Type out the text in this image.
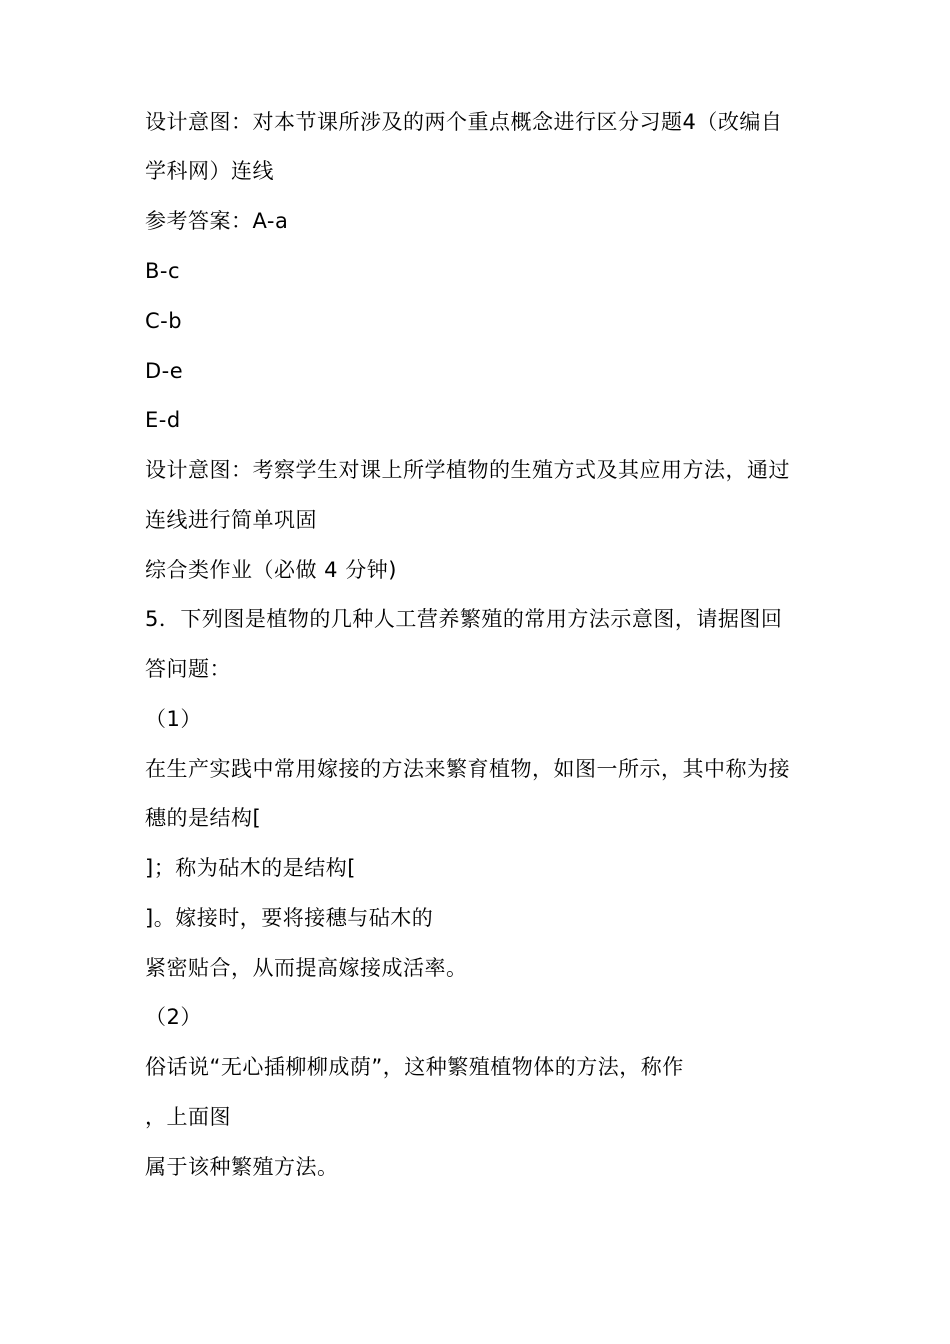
设计意图：对本节课所涉及的两个重点概念进行区分习题4（改编自
学科网）连线
参考答案：A-a
B-c
C-b
D-e
E-d
设计意图：考察学生对课上所学植物的生殖方式及其应用方法，通过
连线进行简单巩固
综合类作业（必做 4 分钟)
5．下列图是植物的几种人工营养繁殖的常用方法示意图，请据图回
答问题：
（1）
在生产实践中常用嫁接的方法来繁育植物，如图一所示，其中称为接
穗的是结构[
]；称为砧木的是结构[
]。嫁接时，要将接穗与砧木的
紧密贴合，从而提高嫁接成活率。
（2）
俗话说“无心插柳柳成荫”，这种繁殖植物体的方法，称作
，上面图
属于该种繁殖方法。
